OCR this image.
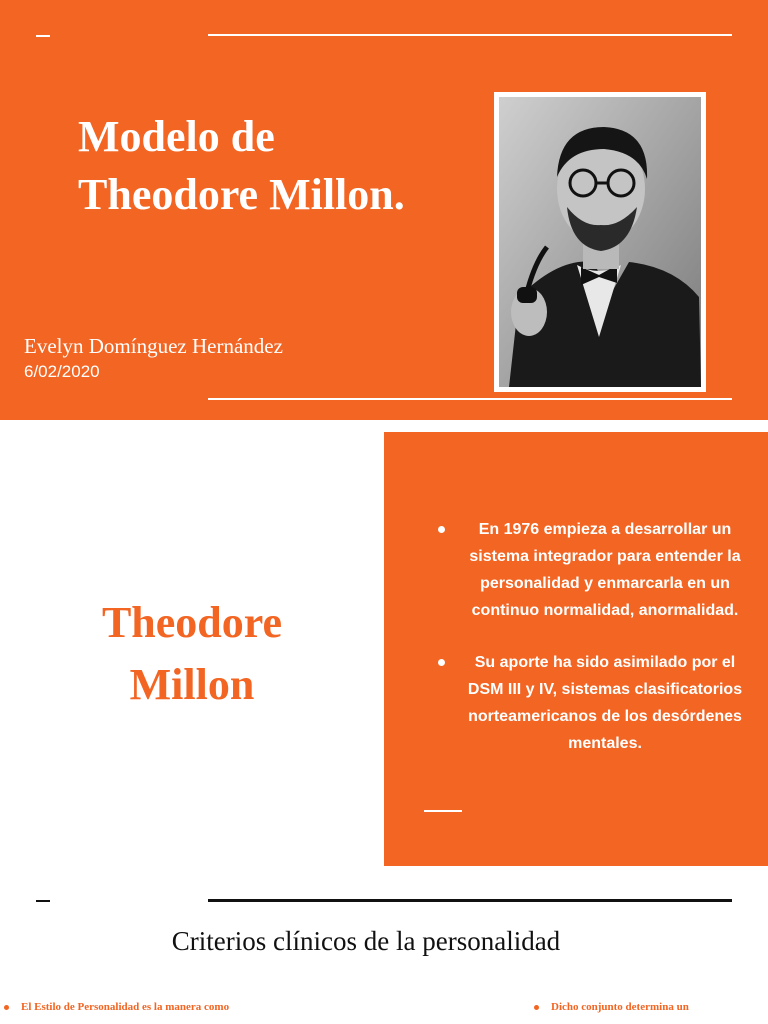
Modelo de
Theodore Millon.
Evelyn Domínguez Hernández
6/02/2020
Theodore
Millon
En 1976 empieza a desarrollar un sistema integrador para entender la personalidad y enmarcarla en un continuo normalidad, anormalidad.
Su aporte ha sido asimilado por el DSM III y IV, sistemas clasificatorios norteamericanos de los desórdenes mentales.
Criterios clínicos de la personalidad
El Estilo de Personalidad es la manera como	Dicho conjunto determina un
